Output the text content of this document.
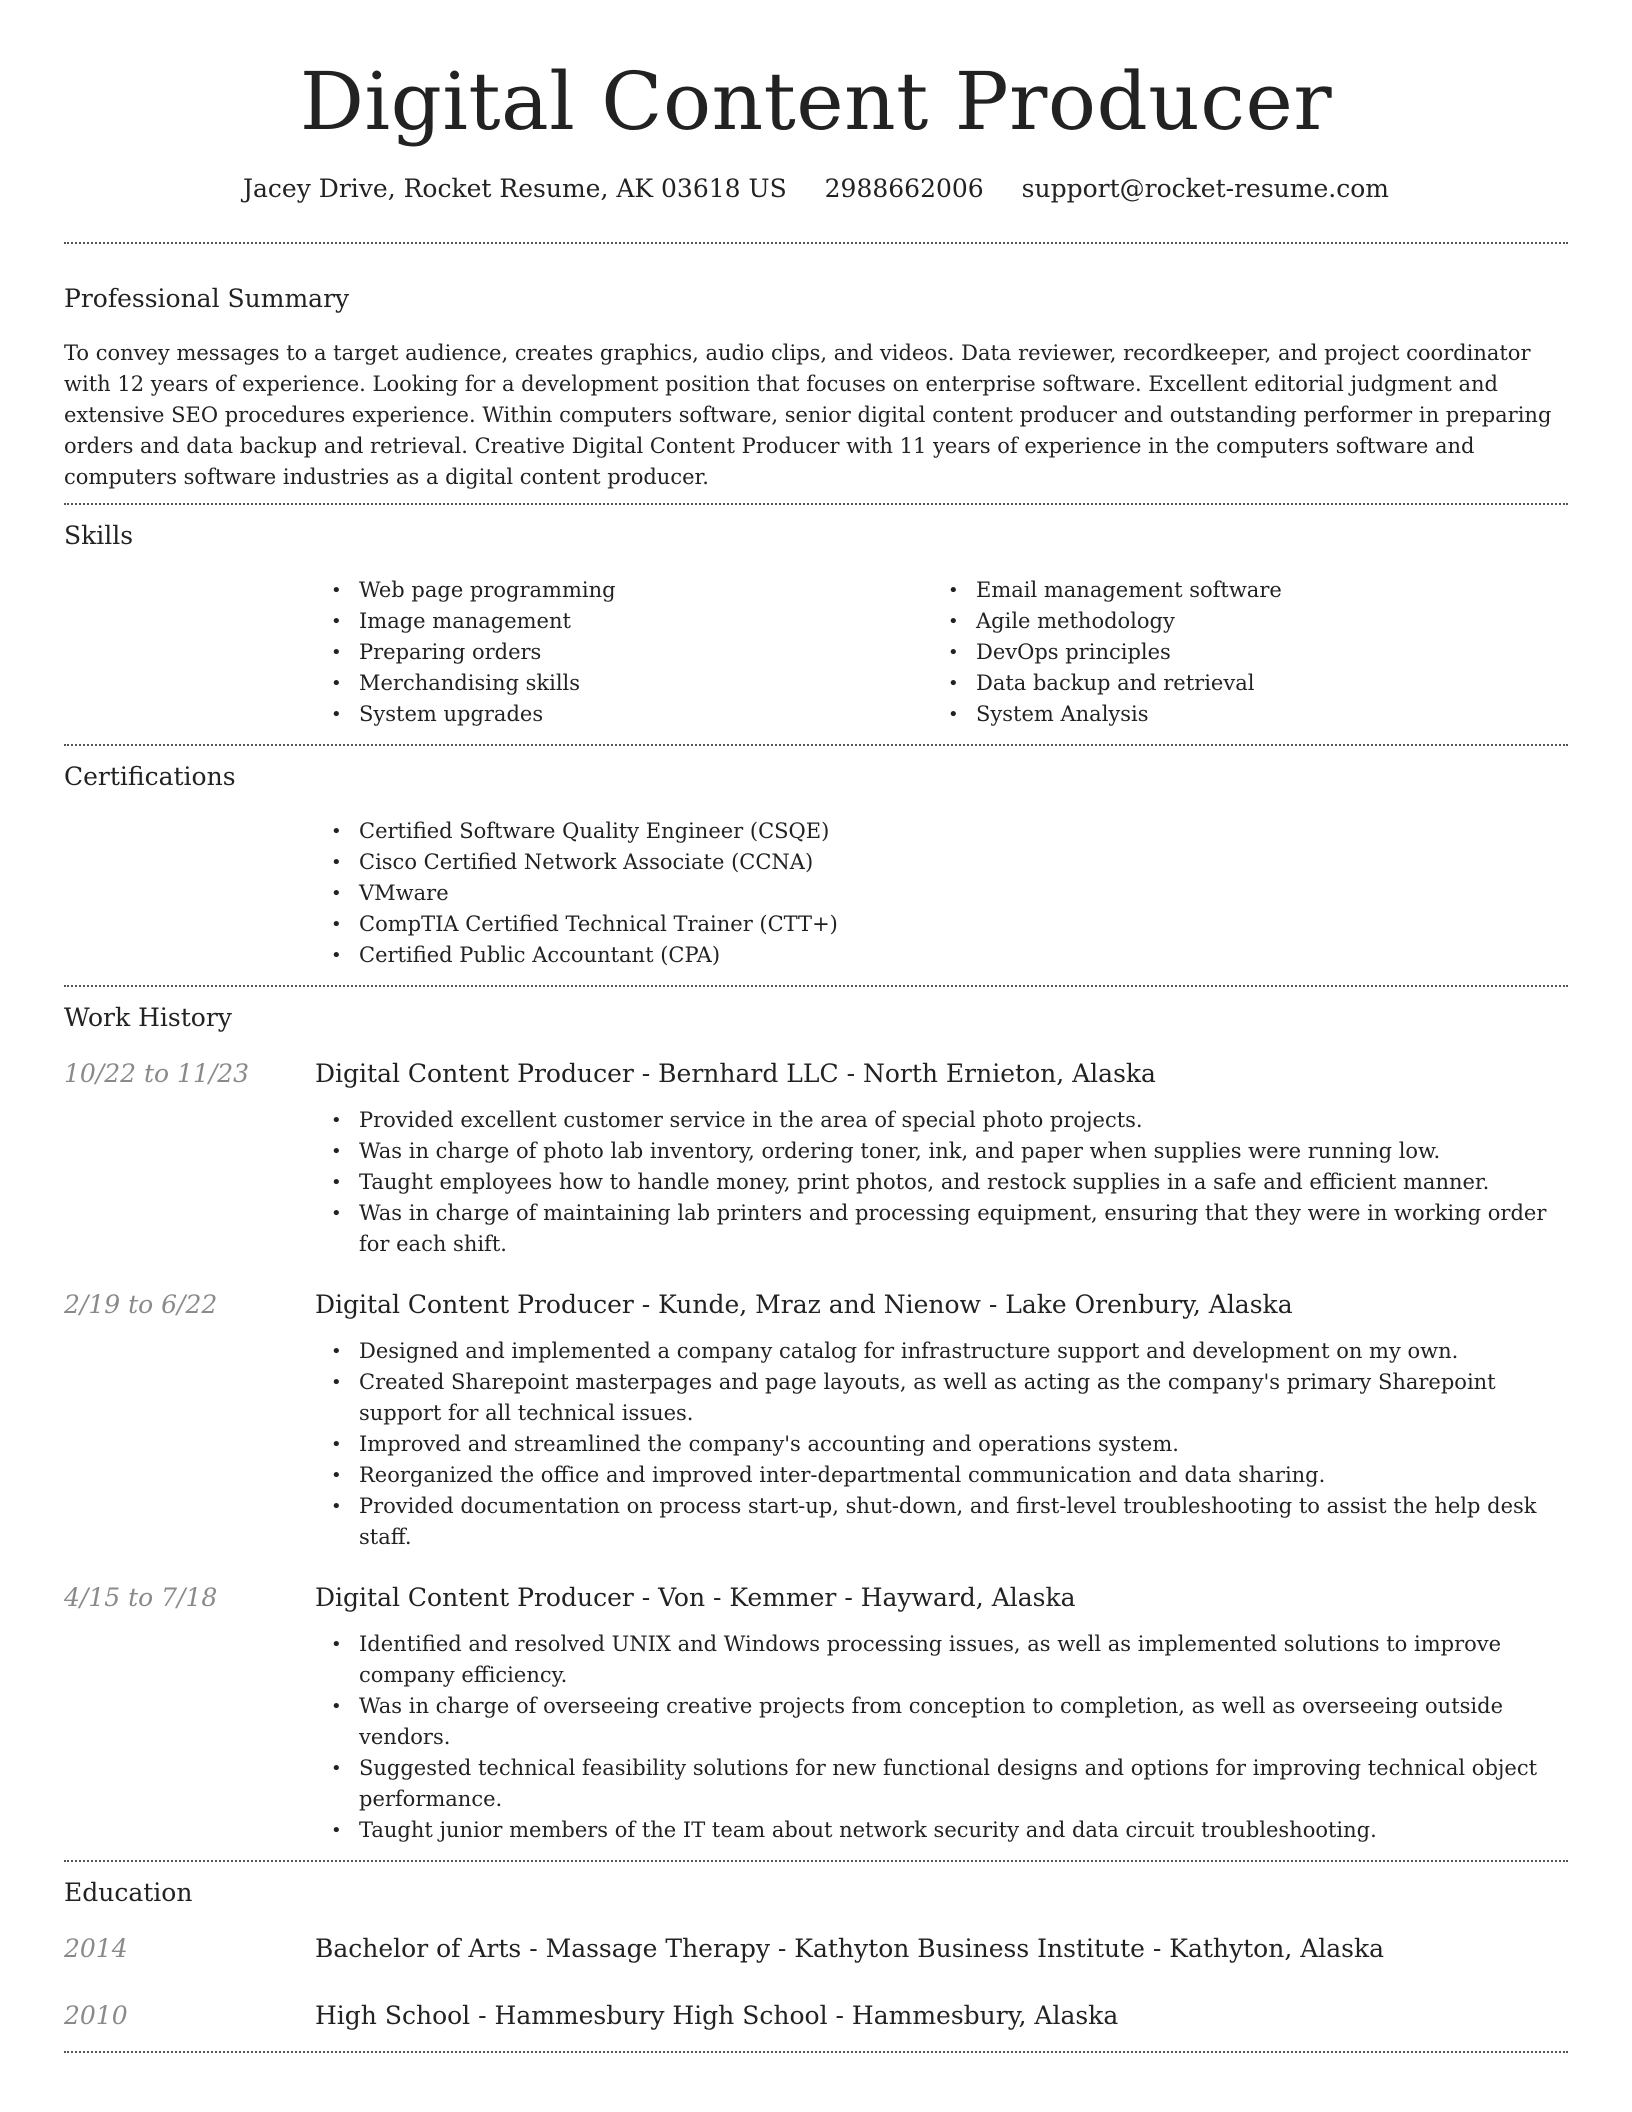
Digital Content Producer
Jacey Drive, Rocket Resume, AK 03618 US 2988662006 support@rocket-resume.com
Professional Summary

To convey messages to a target audience, creates graphics, audio clips, and videos. Data reviewer, recordkeeper, and project coordinator with 12 years of experience. Looking for a development position that focuses on enterprise software. Excellent editorial judgment and extensive SEO procedures experience. Within computers software, senior digital content producer and outstanding performer in preparing orders and data backup and retrieval. Creative Digital Content Producer with 11 years of experience in the computers software and computers software industries as a digital content producer.

Skills
• Web page programming
• Image management
• Preparing orders
• Merchandising skills
• System upgrades
• Email management software
• Agile methodology
• DevOps principles
• Data backup and retrieval
• System Analysis
Certifications
• Certified Software Quality Engineer (CSQE)
• Cisco Certified Network Associate (CCNA)
• VMware
• CompTIA Certified Technical Trainer (CTT+)
• Certified Public Accountant (CPA)
Work History
10/22 to 11/23	Digital Content Producer - Bernhard LLC - North Ernieton, Alaska
• Provided excellent customer service in the area of special photo projects.
• Was in charge of photo lab inventory, ordering toner, ink, and paper when supplies were running low.
• Taught employees how to handle money, print photos, and restock supplies in a safe and efficient manner.
• Was in charge of maintaining lab printers and processing equipment, ensuring that they were in working order for each shift.
2/19 to 6/22	Digital Content Producer - Kunde, Mraz and Nienow - Lake Orenbury, Alaska
• Designed and implemented a company catalog for infrastructure support and development on my own.
• Created Sharepoint masterpages and page layouts, as well as acting as the company's primary Sharepoint support for all technical issues.
• Improved and streamlined the company's accounting and operations system.
• Reorganized the office and improved inter-departmental communication and data sharing.
• Provided documentation on process start-up, shut-down, and first-level troubleshooting to assist the help desk staff.
4/15 to 7/18	Digital Content Producer - Von - Kemmer - Hayward, Alaska
• Identified and resolved UNIX and Windows processing issues, as well as implemented solutions to improve company efficiency.
• Was in charge of overseeing creative projects from conception to completion, as well as overseeing outside vendors.
• Suggested technical feasibility solutions for new functional designs and options for improving technical object performance.
• Taught junior members of the IT team about network security and data circuit troubleshooting.
Education
2014	Bachelor of Arts - Massage Therapy - Kathyton Business Institute - Kathyton, Alaska
2010	High School - Hammesbury High School - Hammesbury, Alaska
